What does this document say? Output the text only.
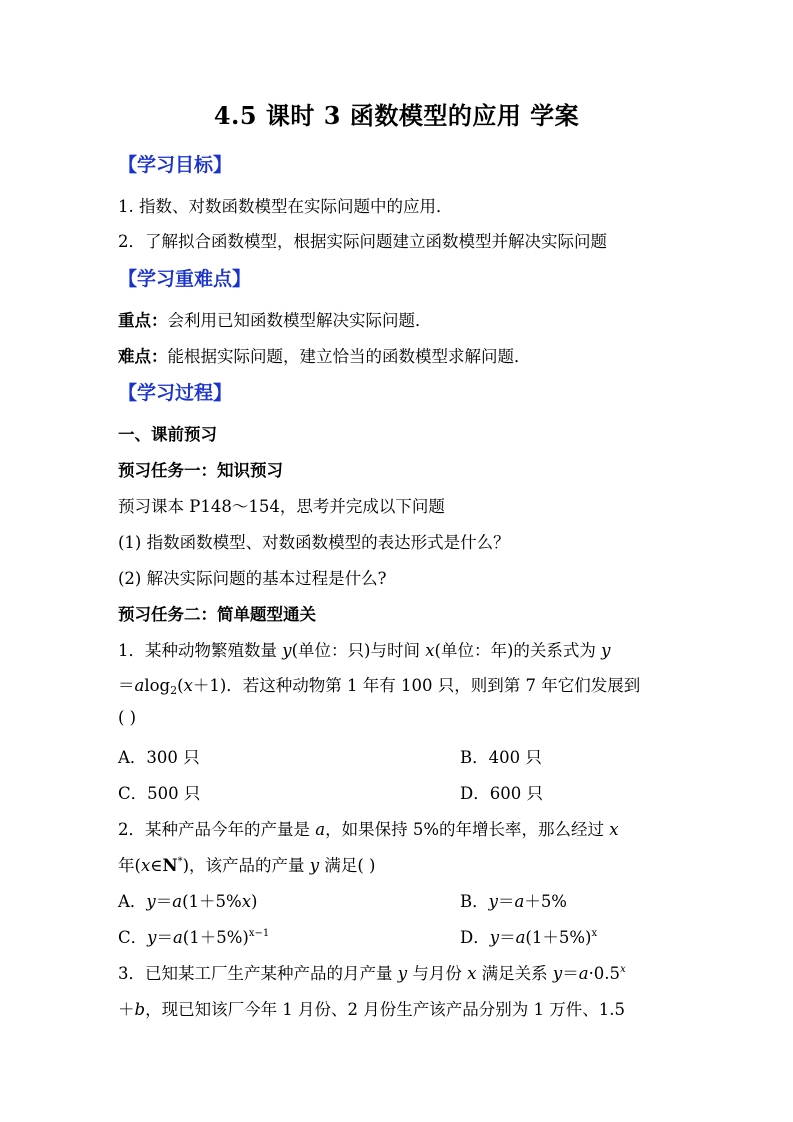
4.5 课时 3 函数模型的应用 学案
【学习目标】
1. 指数、对数函数模型在实际问题中的应用．
2．了解拟合函数模型，根据实际问题建立函数模型并解决实际问题
【学习重难点】
重点：会利用已知函数模型解决实际问题．
难点：能根据实际问题，建立恰当的函数模型求解问题．
【学习过程】
一、课前预习
预习任务一：知识预习
预习课本 P148～154，思考并完成以下问题
(1) 指数函数模型、对数函数模型的表达形式是什么？
(2) 解决实际问题的基本过程是什么?
预习任务二：简单题型通关
1．某种动物繁殖数量 y(单位：只)与时间 x(单位：年)的关系式为 y
＝alog$_2$(x＋1)．若这种动物第 1 年有 100 只，则到第 7 年它们发展到
( )
A．300 只	B．400 只
C．500 只	D．600 只
2．某种产品今年的产量是 a，如果保持 5%的年增长率，那么经过 x
年(x∈N*)，该产品的产量 y 满足( )
A．y＝a(1＋5%x)	B．y＝a＋5%
C．$y=a(1+5\%)^{x-1}$	D．$y=a(1+5\%)^x$
3．已知某工厂生产某种产品的月产量 y 与月份 x 满足关系 $y=a\cdot 0.5^x$
＋b，现已知该厂今年 1 月份、2 月份生产该产品分别为 1 万件、1.5
